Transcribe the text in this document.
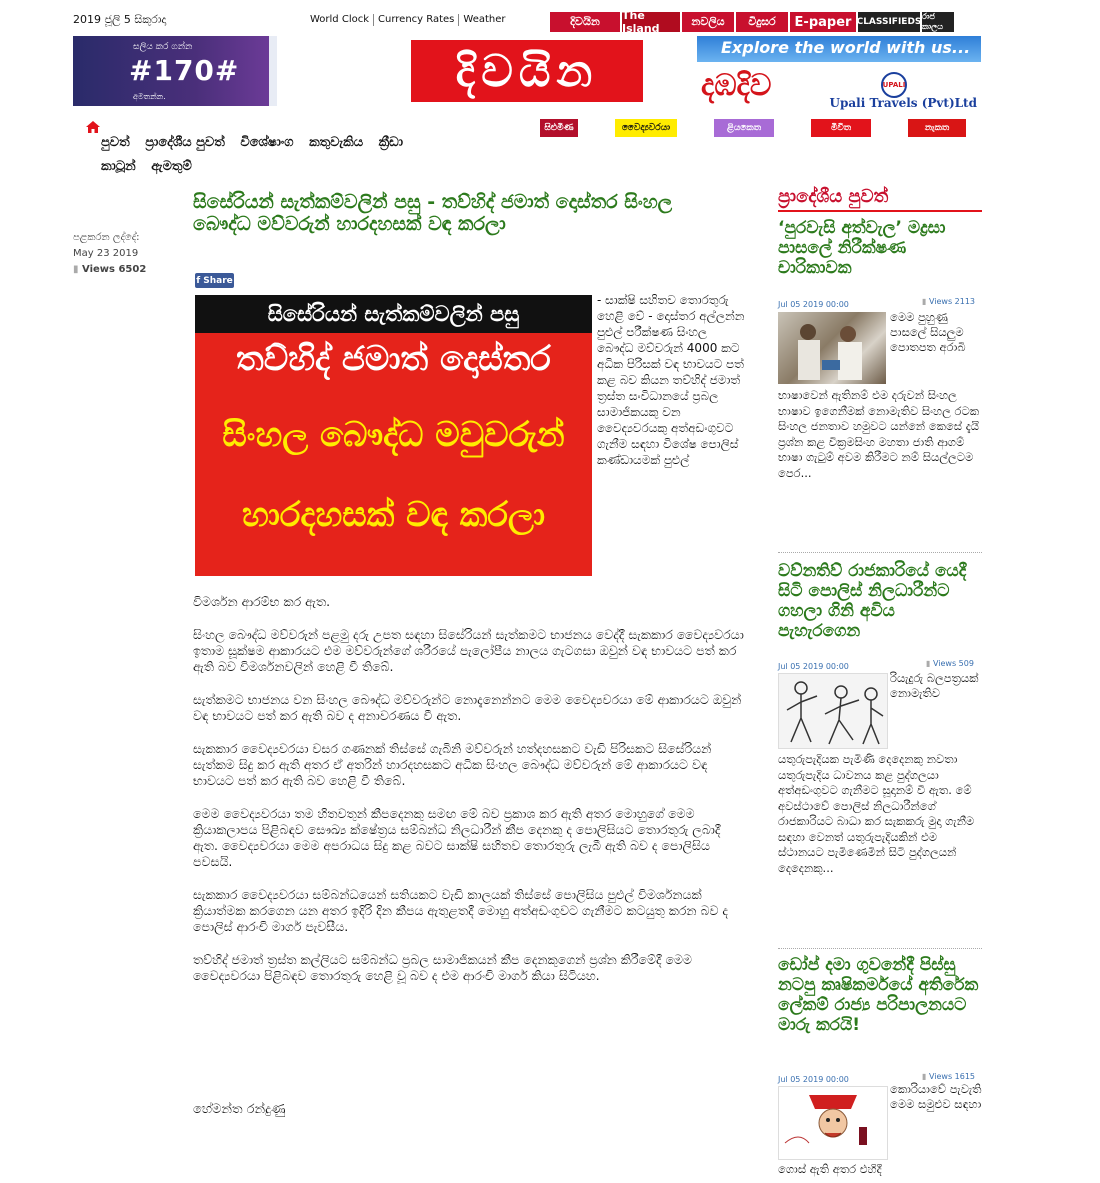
2019 ජූලි 5 සිකුරාදා	World Clock Currency Rates Weather	දිවයින	The Island
නවලිය	විදුසර	E-paper CLASSIFIEDS
රාජ කාලය
සලිය කර ගන්න
#170#
අමතන්න.	දිවයින	Explore the world with us...
දඹදිව	UPALI
Upali Travels (Pvt)Ltd
පුවත් ප්‍රාදේශීය පුවත් විශේෂාංග කතුවැකිය ක්‍රීඩා කාටූන් ඇමතුම්
සිළුමිණ	වෛද්‍යවරයා	ළියකෙත	මීවිත	නැකත
සිසේරියන් සැත්කම්වලින් පසු - තව්හිද් ජමාත් දොස්තර සිංහල බෞද්ධ මව්වරුන් හාරදහසක් වඳ කරලා
පළකරන ලද්දේ:
May 23 2019
▮ Views 6502
f Share
සිසේරියන් සැත්කම්වලින් පසු
තව්හිද් ජමාත් දොස්තර
සිංහල බෞද්ධ මවුවරුන්
හාරදහසක් වඳ කරලා
- සාක්ෂි සහිතව තොරතුරු හෙළි වේ - දොස්තර අල්ලන්න පුළුල් පරීක්ෂණ සිංහල බෞද්ධ මව්වරුන් 4000 කට අධික පිරිසක් වඳ භාවයට පත් කළ බව කියන තව්හිද් ජමාත් ත්‍රස්ත සංවිධානයේ ප්‍රබල සාමාජිකයකු වන වෛද්‍යවරයකු අත්අඩංගුවට ගැනීම සඳහා විශේෂ පොලිස් කණ්ඩායමක් පුළුල්

විමර්ශන ආරම්භ කර ඇත.

සිංහල බෞද්ධ මව්වරුන් පළමු දරු උපත සඳහා සිසේරියන් සැත්කමට භාජනය වෙද්දී සැකකාර වෛද්‍යවරයා ඉතාම සූක්ෂම ආකාරයට එම මව්වරුන්ගේ ශරීරයේ පැලෝපීය නාලය ගැටගසා ඔවුන් වඳ භාවයට පත් කර ඇති බව විමර්ශනවලින් හෙළි වී තිබේ.

සැත්කමට භාජනය වන සිංහල බෞද්ධ මව්වරුන්ට නොදැනෙන්නට මෙම වෛද්‍යවරයා මේ ආකාරයට ඔවුන් වඳ භාවයට පත් කර ඇති බව ද අනාවරණය වී ඇත.

සැකකාර වෛද්‍යවරයා වසර ගණනක් තිස්සේ ගැබිනි මව්වරුන් හත්දහසකට වැඩි පිරිසකට සිසේරියන් සැත්කම සිදු කර ඇති අතර ඒ අතරින් හාරදහසකට අධික සිංහල බෞද්ධ මව්වරුන් මේ ආකාරයට වඳ භාවයට පත් කර ඇති බව හෙළි වී තිබේ.

මෙම වෛද්‍යවරයා තම හිතවතුන් කීපදෙනකු සමඟ මේ බව ප්‍රකාශ කර ඇති අතර මොහුගේ මෙම ක්‍රියාකලාපය පිළිබඳව සෞඛ්‍ය ක්ෂේත්‍රය සම්බන්ධ නිලධාරීන් කීප දෙනකු ද පොලිසියට තොරතුරු ලබාදී ඇත. වෛද්‍යවරයා මෙම අපරාධය සිදු කළ බවට සාක්ෂි සහිතව තොරතුරු ලැබී ඇති බව ද පොලිසිය පවසයි.

සැකකාර වෛද්‍යවරයා සම්බන්ධයෙන් සතියකට වැඩි කාලයක් තිස්සේ පොලිසිය පුළුල් විමර්ශනයක් ක්‍රියාත්මක කරගෙන යන අතර ඉදිරි දින කීපය ඇතුළතදී මොහු අත්අඩංගුවට ගැනීමට කටයුතු කරන බව ද පොලිස් ආරංචි මාර්ග පැවසීය.

තව්හිද් ජමාත් ත්‍රස්ත කල්ලියට සම්බන්ධ ප්‍රබල සාමාජිකයන් කීප දෙනකුගෙන් ප්‍රශ්න කිරීමේදී මෙම වෛද්‍යවරයා පිළිබඳව තොරතුරු හෙළි වූ බව ද එම ආරංචි මාර්ග කියා සිටියහ.

හේමන්ත රන්දුණු
ප්‍රාදේශීය පුවත්
‘පුරවැසි අත්වැල’ මද්‍රසා පාසලේ නිරීක්ෂණ චාරිකාවක
Jul 05 2019 00:00	▮ Views 2113
මෙම පුහුණු පාසලේ සියලුම පොතපත අරාබි
භාෂාවෙන් ඇතිනම් එම දරුවන් සිංහල භාෂාව ඉගෙනීමක් නොමැතිව සිංහල රටක සිංහල ජනතාව හමුවට යන්නේ කෙසේ දැයි ප්‍රශ්න කළ වික්‍රමසිංහ මහතා ජාති ආගම් භාෂා ගැටුම් අවම කිරීමට නම් සියල්ලටම පෙර...
වව්නතිව් රාජකාරියේ යෙදී සිටි පොලිස් නිලධාරීන්ට ගහලා ගිනි අවිය පැහැරගෙන
Jul 05 2019 00:00	▮ Views 509
රියැදුරු බලපත්‍රයක් නොමැතිව
යතුරුපැදියක පැමිණි දෙදෙනකු නවතා යතුරුපැදිය ධාවනය කළ පුද්ගලයා අත්අඩංගුවට ගැනීමට සූදානම් වී ඇත. මේ අවස්ථාවේ පොලිස් නිලධාරීන්ගේ රාජකාරියට බාධා කර සැකකරු මුදා ගැනීම සඳහා වෙනත් යතුරුපැදියකින් එම ස්ථානයට පැමිණෙමින් සිටි පුද්ගලයන් දෙදෙනකු...
ඩෝප් දමා ගුවනේදී පිස්සු නටපු කෘෂිකර්මයේ අතිරේක ලේකම් රාජ්‍ය පරිපාලනයට මාරු කරයි!
Jul 05 2019 00:00	▮ Views 1615
කොරියාවේ පැවැති මෙම සමුළුව සඳහා
ගොස් ඇති අතර එහිදී
